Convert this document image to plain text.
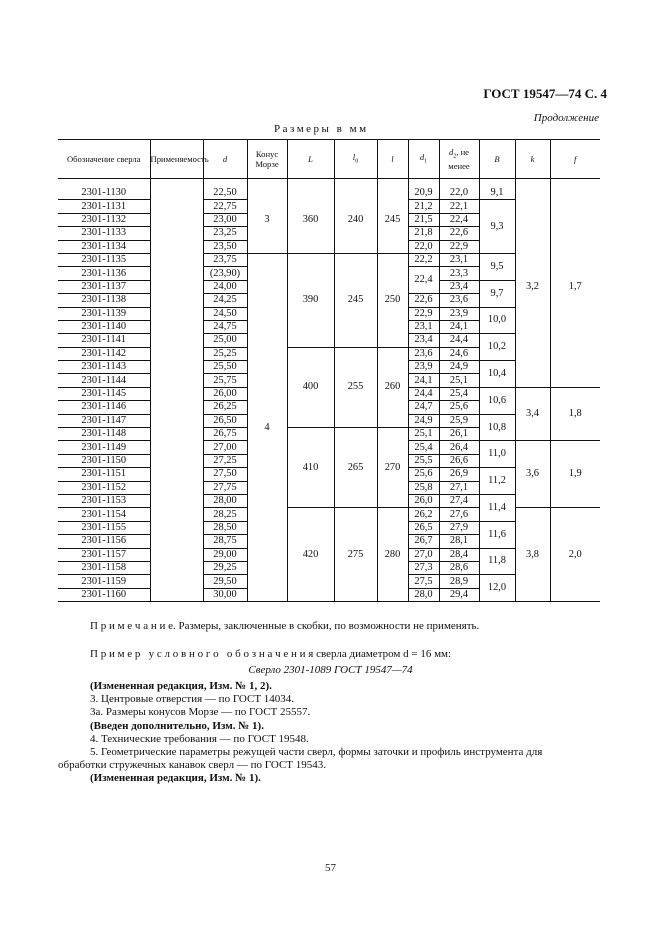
ГОСТ 19547—74 С. 4
Продолжение
Размеры в мм
Обозначение сверла	Применяемость	d	Конус Морзе	L	$l_0$	l	$d_1$	$d_2$, не менее	B	k	f

2301-1130		22,50	3	360	240	245	20,9	22,0	9,1	3,2	1,7
2301-1131		22,75					21,2	22,1	9,3		
2301-1132		23,00					21,5	22,4			
2301-1133		23,25					21,8	22,6			
2301-1134		23,50					22,0	22,9			
2301-1135		23,75	4	390	245	250	22,2	23,1	9,5		
2301-1136		(23,90)					22,4	23,3			
2301-1137		24,00						23,4	9,7		
2301-1138		24,25					22,6	23,6			
2301-1139		24,50					22,9	23,9	10,0		
2301-1140		24,75					23,1	24,1			
2301-1141		25,00					23,4	24,4	10,2		
2301-1142		25,25		400	255	260	23,6	24,6			
2301-1143		25,50					23,9	24,9	10,4		
2301-1144		25,75					24,1	25,1			
2301-1145		26,00					24,4	25,4	10,6	3,4	1,8
2301-1146		26,25					24,7	25,6			
2301-1147		26,50					24,9	25,9	10,8		
2301-1148		26,75		410	265	270	25,1	26,1			
2301-1149		27,00					25,4	26,4	11,0	3,6	1,9
2301-1150		27,25					25,5	26,6			
2301-1151		27,50					25,6	26,9	11,2		
2301-1152		27,75					25,8	27,1			
2301-1153		28,00					26,0	27,4	11,4		
2301-1154		28,25		420	275	280	26,2	27,6		3,8	2,0
2301-1155		28,50					26,5	27,9	11,6		
2301-1156		28,75					26,7	28,1			
2301-1157		29,00					27,0	28,4	11,8		
2301-1158		29,25					27,3	28,6			
2301-1159		29,50					27,5	28,9	12,0		
2301-1160		30,00					28,0	29,4			
П р и м е ч а н и е. Размеры, заключенные в скобки, по возможности не применять.
П р и м е р   у с л о в н о г о   о б о з н а ч е н и я сверла диаметром d = 16 мм:
Сверло 2301-1089 ГОСТ 19547—74

(Измененная редакция, Изм. № 1, 2).

3. Центровые отверстия — по ГОСТ 14034.

3а. Размеры конусов Морзе — по ГОСТ 25557.

(Введен дополнительно, Изм. № 1).

4. Технические требования — по ГОСТ 19548.

5. Геометрические параметры режущей части сверл, формы заточки и профиль инструмента для

обработки стружечных канавок сверл — по ГОСТ 19543.

(Измененная редакция, Изм. № 1).

57
